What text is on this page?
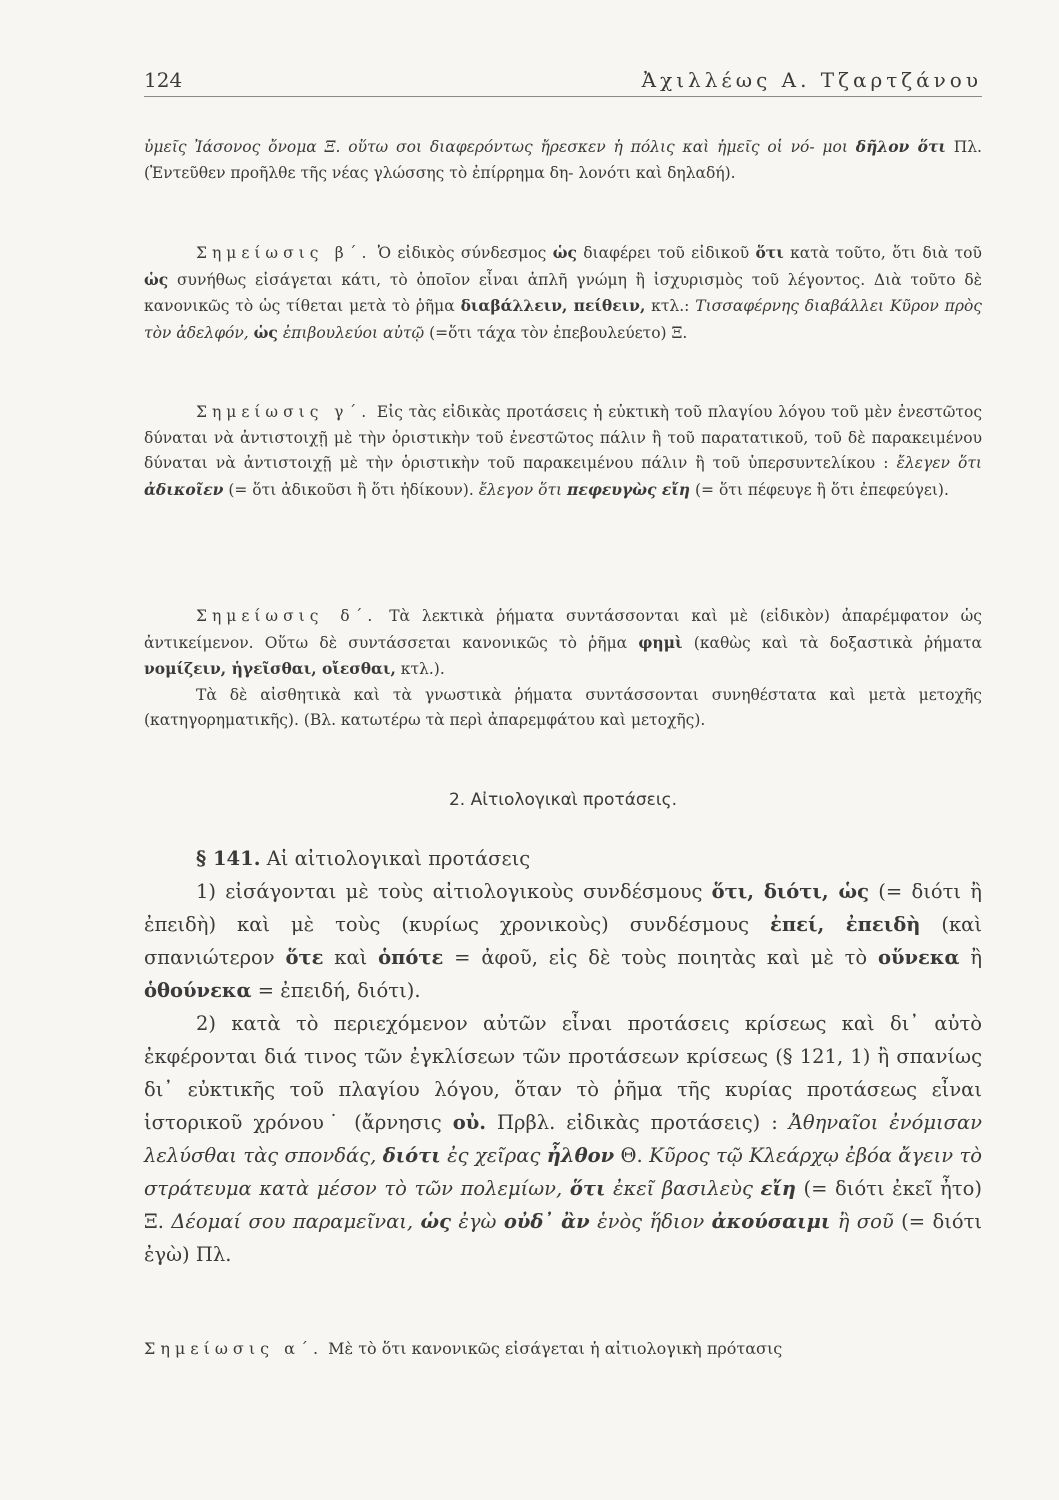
124	Ἀχιλλέως Α. Τζαρτζάνου

ὑμεῖς Ἰάσονος ὄνομα Ξ. οὕτω σοι διαφερόντως ἤρεσκεν ἡ πόλις καὶ ἡμεῖς οἱ νό- μοι δῆλον ὅτι Πλ. (Ἐντεῦθεν προῆλθε τῆς νέας γλώσσης τὸ ἐπίρρημα δη- λονότι καὶ δηλαδή).

Σημείωσις β΄. Ὁ εἰδικὸς σύνδεσμος ὡς διαφέρει τοῦ εἰδικοῦ ὅτι κατὰ τοῦτο, ὅτι διὰ τοῦ ὡς συνήθως εἰσάγεται κάτι, τὸ ὁποῖον εἶναι ἁπλῆ γνώμη ἢ ἰσχυρισμὸς τοῦ λέγοντος. Διὰ τοῦτο δὲ κανονικῶς τὸ ὡς τίθεται μετὰ τὸ ῥῆμα διαβάλλειν, πείθειν, κτλ.: Τισσαφέρνης διαβάλλει Κῦρον πρὸς τὸν ἀδελφόν, ὡς ἐπιβουλεύοι αὐτῷ (=ὅτι τάχα τὸν ἐπεβουλεύετο) Ξ.

Σημείωσις γ΄. Εἰς τὰς εἰδικὰς προτάσεις ἡ εὐκτικὴ τοῦ πλαγίου λόγου τοῦ μὲν ἐνεστῶτος δύναται νὰ ἀντιστοιχῇ μὲ τὴν ὁριστικὴν τοῦ ἐνεστῶτος πάλιν ἢ τοῦ παρατατικοῦ, τοῦ δὲ παρακειμένου δύναται νὰ ἀντιστοιχῇ μὲ τὴν ὁριστικὴν τοῦ παρακειμένου πάλιν ἢ τοῦ ὑπερσυντελίκου : ἔλεγεν ὅτι ἀδικοῖεν (= ὅτι ἀδικοῦσι ἢ ὅτι ἠδίκουν). ἔλεγον ὅτι πεφευγὼς εἴη (= ὅτι πέφευγε ἢ ὅτι ἐπεφεύγει).

Σημείωσις δ΄. Τὰ λεκτικὰ ῥήματα συντάσσονται καὶ μὲ (εἰδικὸν) ἀπαρέμφατον ὡς ἀντικείμενον. Οὕτω δὲ συντάσσεται κανονικῶς τὸ ῥῆμα φημὶ (καθὼς καὶ τὰ δοξαστικὰ ῥήματα νομίζειν, ἡγεῖσθαι, οἴεσθαι, κτλ.).

Τὰ δὲ αἰσθητικὰ καὶ τὰ γνωστικὰ ῥήματα συντάσσονται συνηθέστατα καὶ μετὰ μετοχῆς (κατηγορηματικῆς). (Βλ. κατωτέρω τὰ περὶ ἀπαρεμφάτου καὶ μετοχῆς).

2. Αἰτιολογικαὶ προτάσεις.

§ 141. Αἱ αἰτιολογικαὶ προτάσεις

1) εἰσάγονται μὲ τοὺς αἰτιολογικοὺς συνδέσμους ὅτι, διότι, ὡς (= διότι ἢ ἐπειδὴ) καὶ μὲ τοὺς (κυρίως χρονικοὺς) συνδέσμους ἐπεί, ἐπειδὴ (καὶ σπανιώτερον ὅτε καὶ ὁπότε = ἀφοῦ, εἰς δὲ τοὺς ποιητὰς καὶ μὲ τὸ οὕνεκα ἢ ὁθούνεκα = ἐπειδή, διότι).

2) κατὰ τὸ περιεχόμενον αὐτῶν εἶναι προτάσεις κρίσεως καὶ δι᾿ αὐτὸ ἐκφέρονται διά τινος τῶν ἐγκλίσεων τῶν προτάσεων κρίσεως (§ 121, 1) ἢ σπανίως δι᾿ εὐκτικῆς τοῦ πλαγίου λόγου, ὅταν τὸ ῥῆμα τῆς κυρίας προτάσεως εἶναι ἱστορικοῦ χρόνου˙ (ἄρνησις οὐ. Πρβλ. εἰδικὰς προτάσεις) : Ἀθηναῖοι ἐνόμισαν λελύσθαι τὰς σπονδάς, διότι ἐς χεῖρας ἦλθον Θ. Κῦρος τῷ Κλεάρχῳ ἐβόα ἄγειν τὸ στράτευμα κατὰ μέσον τὸ τῶν πολεμίων, ὅτι ἐκεῖ βασιλεὺς εἴη (= διότι ἐκεῖ ἦτο) Ξ. Δέομαί σου παραμεῖναι, ὡς ἐγὼ οὐδ᾿ ἂν ἑνὸς ἥδιον ἀκούσαιμι ἢ σοῦ (= διότι ἐγὼ) Πλ.

Σημείωσις α΄. Μὲ τὸ ὅτι κανονικῶς εἰσάγεται ἡ αἰτιολογικὴ πρότασις
